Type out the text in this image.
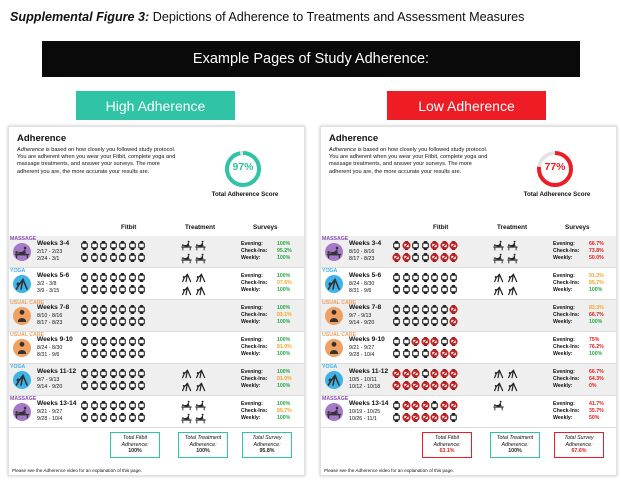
Supplemental Figure 3: Depictions of Adherence to Treatments and Assessment Measures
Example Pages of Study Adherence:
High Adherence	Low Adherence
Adherence
Adherence is based on how closely you followed study protocol. You are adherent when you wear your Fitbit, complete yoga and massage treatments, and answer your surveys. The more adherent you are, the more accurate your results are.	97%
Total Adherence Score
Fitbit	Treatment	Surveys
MASSAGE
Weeks 3-4
2/17 - 2/23
2/24 - 3/1
Evening:	100%
Check-Ins:	95.2%
Weekly:	100%
YOGA
Weeks 5-6
3/2 - 3/8
3/9 - 3/15
Evening:	100%
Check-Ins:	97.6%
Weekly:	100%
USUAL CARE
Weeks 7-8
8/10 - 8/16
8/17 - 8/23
Evening:	100%
Check-Ins:	83.1%
Weekly:	100%
USUAL CARE
Weeks 9-10
8/24 - 8/30
8/31 - 9/6
Evening:	100%
Check-Ins:	81.0%
Weekly:	100%
YOGA
Weeks 11-12
9/7 - 9/13
9/14 - 9/20
Evening:	100%
Check-Ins:	81.0%
Weekly:	100%
MASSAGE
Weeks 13-14
9/21 - 9/27
9/28 - 10/4
Evening:	100%
Check-Ins:	85.7%
Weekly:	100%
Total Fitbit Adherence:
100%
Total Treatment Adherence:
100%
Total Survey Adherence:
95.8%
Please see the Adherence video for an explanation of this page.
Adherence
Adherence is based on how closely you followed study protocol. You are adherent when you wear your Fitbit, complete yoga and massage treatments, and answer your surveys. The more adherent you are, the more accurate your results are.	77%
Total Adherence Score
Fitbit	Treatment	Surveys
MASSAGE
Weeks 3-4
8/10 - 8/16
8/17 - 8/23
Evening:	66.7%
Check-Ins:	73.8%
Weekly:	50.0%
YOGA
Weeks 5-6
8/24 - 8/30
8/31 - 9/6
Evening:	91.3%
Check-Ins:	85.7%
Weekly:	100%
USUAL CARE
Weeks 7-8
9/7 - 9/13
9/14 - 9/20
Evening:	83.3%
Check-Ins:	66.7%
Weekly:	100%
USUAL CARE
Weeks 9-10
9/21 - 9/27
9/28 - 10/4
Evening:	75%
Check-Ins:	76.2%
Weekly:	100%
YOGA
Weeks 11-12
10/5 - 10/11
10/12 - 10/18
Evening:	66.7%
Check-Ins:	64.3%
Weekly:	0%
MASSAGE
Weeks 13-14
10/19 - 10/25
10/26 - 11/1
Evening:	41.7%
Check-Ins:	35.7%
Weekly:	50%
Total Fitbit Adherence:
63.1%
Total Treatment Adherence:
100%
Total Survey Adherence:
67.6%
Please see the Adherence video for an explanation of this page.
